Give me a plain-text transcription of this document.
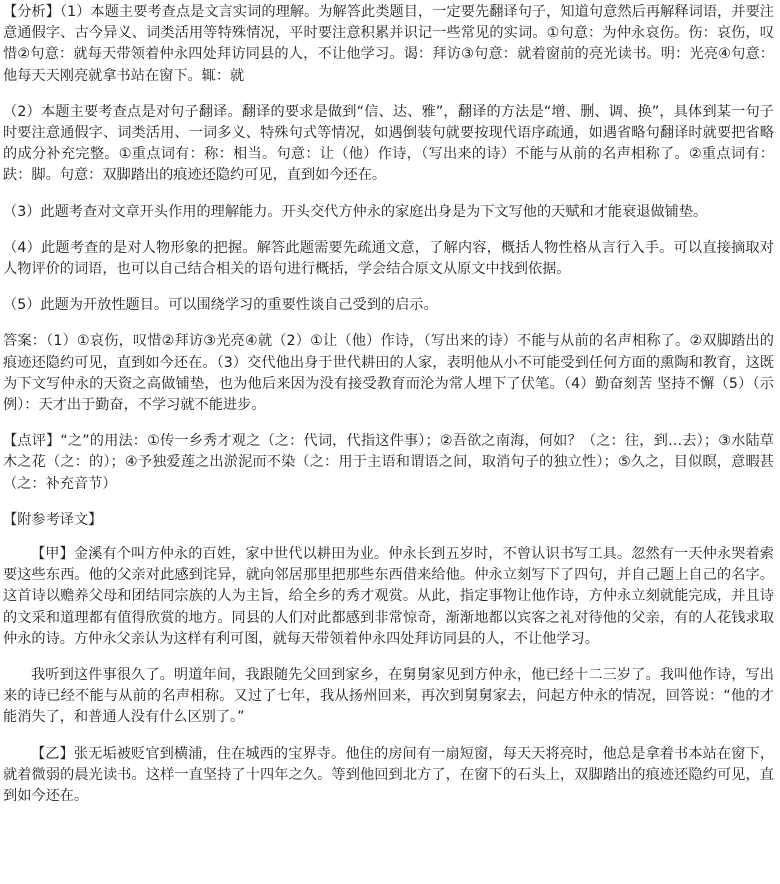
【分析】（1）本题主要考查点是文言实词的理解。为解答此类题目，一定要先翻译句子，知道句意然后再解释词语，并要注意通假字、古今异义、词类活用等特殊情况，平时要注意积累并识记一些常见的实词。①句意：为仲永哀伤。伤：哀伤，叹惜②句意：就每天带领着仲永四处拜访同县的人，不让他学习。谒：拜访③句意：就着窗前的亮光读书。明：光亮④句意：他每天天刚亮就拿书站在窗下。辄：就

（2）本题主要考查点是对句子翻译。翻译的要求是做到“信、达、雅”，翻译的方法是“增、删、调、换”，具体到某一句子时要注意通假字、词类活用、一词多义、特殊句式等情况，如遇倒装句就要按现代语序疏通，如遇省略句翻译时就要把省略的成分补充完整。①重点词有：称：相当。句意：让（他）作诗，（写出来的诗）不能与从前的名声相称了。②重点词有：趺：脚。句意：双脚踏出的痕迹还隐约可见，直到如今还在。

（3）此题考查对文章开头作用的理解能力。开头交代方仲永的家庭出身是为下文写他的天赋和才能衰退做铺垫。

（4）此题考查的是对人物形象的把握。解答此题需要先疏通文意，了解内容，概括人物性格从言行入手。可以直接摘取对人物评价的词语，也可以自己结合相关的语句进行概括，学会结合原文从原文中找到依据。

（5）此题为开放性题目。可以围绕学习的重要性谈自己受到的启示。

答案：（1）①哀伤，叹惜②拜访③光亮④就（2）①让（他）作诗，（写出来的诗）不能与从前的名声相称了。②双脚踏出的痕迹还隐约可见，直到如今还在。（3）交代他出身于世代耕田的人家，表明他从小不可能受到任何方面的熏陶和教育，这既为下文写仲永的天资之高做铺垫，也为他后来因为没有接受教育而沦为常人埋下了伏笔。（4）勤奋刻苦 坚持不懈（5）（示例）：天才出于勤奋，不学习就不能进步。

【点评】“之”的用法：①传一乡秀才观之（之：代词，代指这件事）；②吾欲之南海，何如？（之：往，到…去）；③水陆草木之花（之：的）；④予独爱莲之出淤泥而不染（之：用于主语和谓语之间，取消句子的独立性）；⑤久之，目似瞑，意暇甚（之：补充音节）

【附参考译文】

【甲】金溪有个叫方仲永的百姓，家中世代以耕田为业。仲永长到五岁时，不曾认识书写工具。忽然有一天仲永哭着索要这些东西。他的父亲对此感到诧异，就向邻居那里把那些东西借来给他。仲永立刻写下了四句，并自己题上自己的名字。这首诗以赡养父母和团结同宗族的人为主旨，给全乡的秀才观赏。从此，指定事物让他作诗，方仲永立刻就能完成，并且诗的文采和道理都有值得欣赏的地方。同县的人们对此都感到非常惊奇，渐渐地都以宾客之礼对待他的父亲，有的人花钱求取仲永的诗。方仲永父亲认为这样有利可图，就每天带领着仲永四处拜访同县的人，不让他学习。

我听到这件事很久了。明道年间，我跟随先父回到家乡，在舅舅家见到方仲永，他已经十二三岁了。我叫他作诗，写出来的诗已经不能与从前的名声相称。又过了七年，我从扬州回来，再次到舅舅家去，问起方仲永的情况，回答说：“他的才能消失了，和普通人没有什么区别了。”

【乙】张无垢被贬官到横浦，住在城西的宝界寺。他住的房间有一扇短窗，每天天将亮时，他总是拿着书本站在窗下，就着微弱的晨光读书。这样一直坚持了十四年之久。等到他回到北方了，在窗下的石头上，双脚踏出的痕迹还隐约可见，直到如今还在。
